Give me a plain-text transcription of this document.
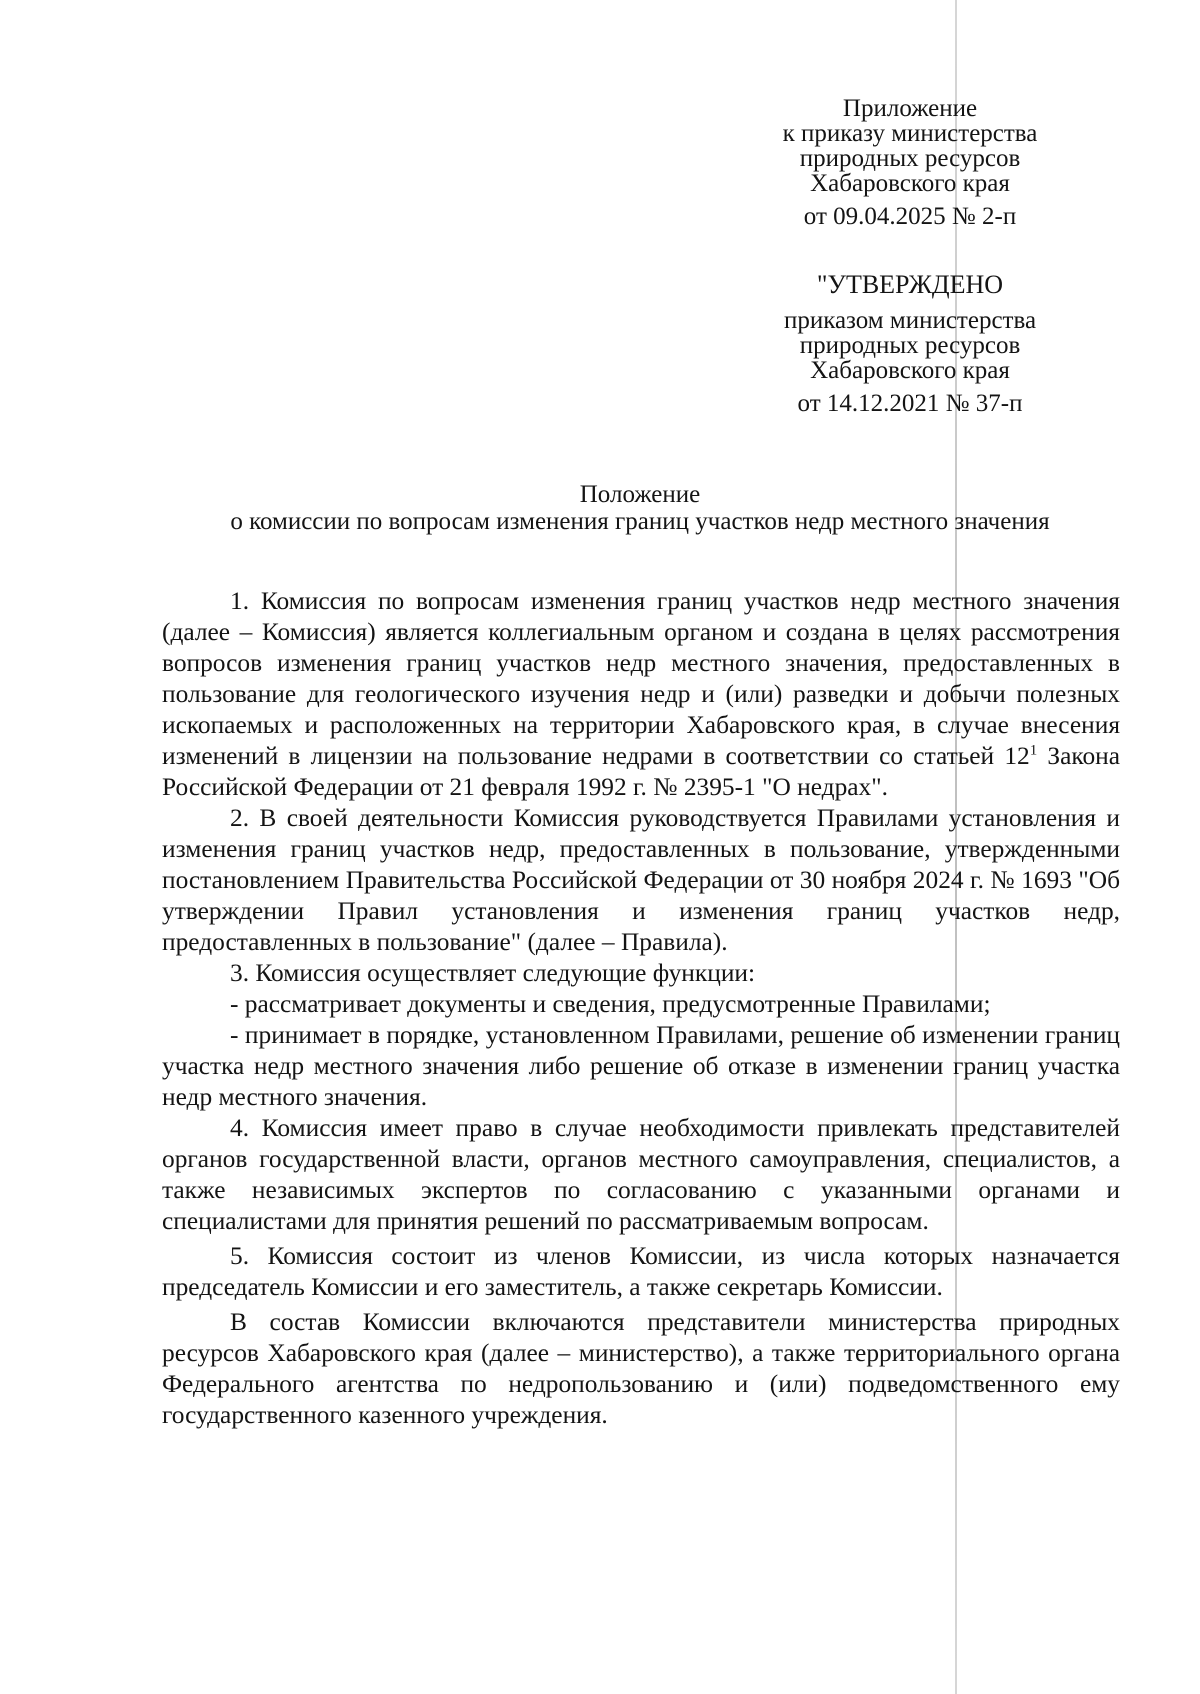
Приложение
к приказу министерства
природных ресурсов
Хабаровского края
от 09.04.2025 № 2-п
"УТВЕРЖДЕНО
приказом министерства
природных ресурсов
Хабаровского края
от 14.12.2021 № 37-п
Положение
о комиссии по вопросам изменения границ участков недр местного значения

1. Комиссия по вопросам изменения границ участков недр местного значения (далее – Комиссия) является коллегиальным органом и создана в целях рассмотрения вопросов изменения границ участков недр местного значения, предоставленных в пользование для геологического изучения недр и (или) разведки и добычи полезных ископаемых и расположенных на территории Хабаровского края, в случае внесения изменений в лицензии на пользование недрами в соответствии со статьей $12^1$ Закона Российской Федерации от 21 февраля 1992 г. № 2395-1 "О недрах".

2. В своей деятельности Комиссия руководствуется Правилами установления и изменения границ участков недр, предоставленных в пользование, утвержденными постановлением Правительства Российской Федерации от 30 ноября 2024 г. № 1693 "Об утверждении Правил установления и изменения границ участков недр, предоставленных в пользование" (далее – Правила).

3. Комиссия осуществляет следующие функции:

- рассматривает документы и сведения, предусмотренные Правилами;

- принимает в порядке, установленном Правилами, решение об изменении границ участка недр местного значения либо решение об отказе в изменении границ участка недр местного значения.

4. Комиссия имеет право в случае необходимости привлекать представителей органов государственной власти, органов местного самоуправления, специалистов, а также независимых экспертов по согласованию с указанными органами и специалистами для принятия решений по рассматриваемым вопросам.

5. Комиссия состоит из членов Комиссии, из числа которых назначается председатель Комиссии и его заместитель, а также секретарь Комиссии.

В состав Комиссии включаются представители министерства природных ресурсов Хабаровского края (далее – министерство), а также территориального органа Федерального агентства по недропользованию и (или) подведомственного ему государственного казенного учреждения.
